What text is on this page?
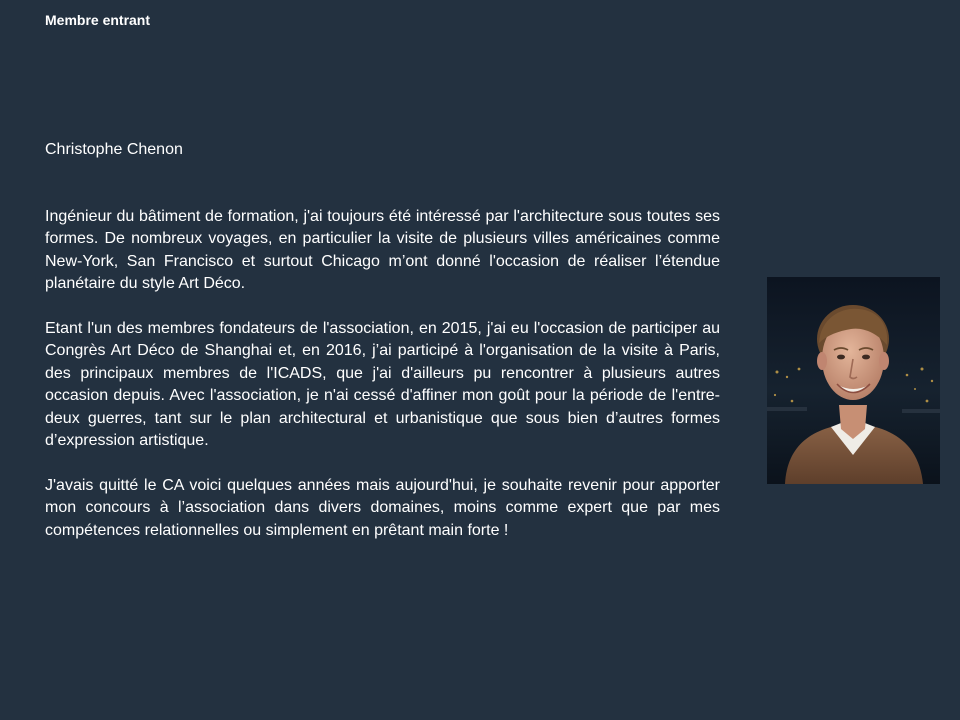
Membre entrant
Christophe Chenon

Ingénieur du bâtiment de formation, j'ai toujours été intéressé par l'architecture sous toutes ses formes. De nombreux voyages, en particulier la visite de plusieurs villes américaines comme New-York, San Francisco et surtout Chicago m’ont donné l'occasion de réaliser l’étendue planétaire du style Art Déco.

Etant l'un des membres fondateurs de l'association, en 2015, j'ai eu l'occasion de participer au Congrès Art Déco de Shanghai et, en 2016, j’ai participé à l'organisation de la visite à Paris, des principaux membres de l'ICADS, que j'ai d'ailleurs pu rencontrer à plusieurs autres occasion depuis. Avec l'association, je n'ai cessé d'affiner mon goût pour la période de l'entre-deux guerres, tant sur le plan architectural et urbanistique que sous bien d’autres formes d’expression artistique.

J'avais quitté le CA voici quelques années mais aujourd'hui, je souhaite revenir pour apporter mon concours à l’association dans divers domaines, moins comme expert que par mes compétences relationnelles ou simplement en prêtant main forte !
